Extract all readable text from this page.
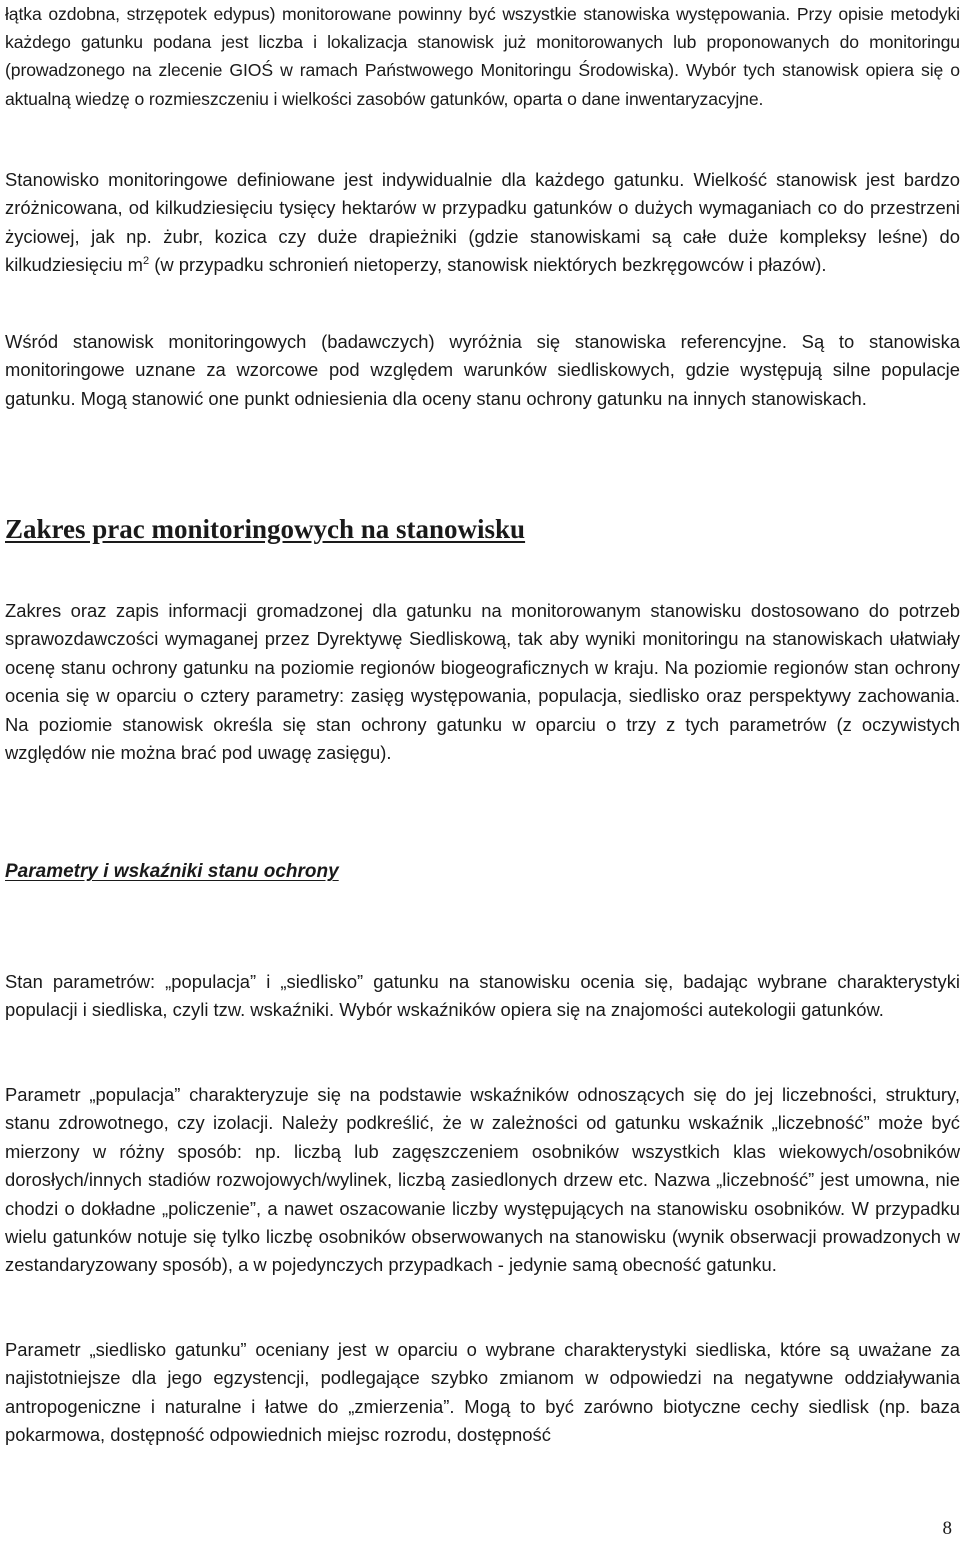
łątka ozdobna, strzępotek edypus) monitorowane powinny być wszystkie stanowiska występowania. Przy opisie metodyki każdego gatunku podana jest liczba i lokalizacja stanowisk już monitorowanych lub proponowanych do monitoringu (prowadzonego na zlecenie GIOŚ w ramach Państwowego Monitoringu Środowiska). Wybór tych stanowisk opiera się o aktualną wiedzę o rozmieszczeniu i wielkości zasobów gatunków, oparta o dane inwentaryzacyjne.

Stanowisko monitoringowe definiowane jest indywidualnie dla każdego gatunku. Wielkość stanowisk jest bardzo zróżnicowana, od kilkudziesięciu tysięcy hektarów w przypadku gatunków o dużych wymaganiach co do przestrzeni życiowej, jak np. żubr, kozica czy duże drapieżniki (gdzie stanowiskami są całe duże kompleksy leśne) do kilkudziesięciu $m^2$ (w przypadku schronień nietoperzy, stanowisk niektórych bezkręgowców i płazów).

Wśród stanowisk monitoringowych (badawczych) wyróżnia się stanowiska referencyjne. Są to stanowiska monitoringowe uznane za wzorcowe pod względem warunków siedliskowych, gdzie występują silne populacje gatunku. Mogą stanowić one punkt odniesienia dla oceny stanu ochrony gatunku na innych stanowiskach.

Zakres prac monitoringowych na stanowisku

Zakres oraz zapis informacji gromadzonej dla gatunku na monitorowanym stanowisku dostosowano do potrzeb sprawozdawczości wymaganej przez Dyrektywę Siedliskową, tak aby wyniki monitoringu na stanowiskach ułatwiały ocenę stanu ochrony gatunku na poziomie regionów biogeograficznych w kraju. Na poziomie regionów stan ochrony ocenia się w oparciu o cztery parametry: zasięg występowania, populacja, siedlisko oraz perspektywy zachowania. Na poziomie stanowisk określa się stan ochrony gatunku w oparciu o trzy z tych parametrów (z oczywistych względów nie można brać pod uwagę zasięgu).

Parametry i wskaźniki stanu ochrony

Stan parametrów: „populacja” i „siedlisko” gatunku na stanowisku ocenia się, badając wybrane charakterystyki populacji i siedliska, czyli tzw. wskaźniki. Wybór wskaźników opiera się na znajomości autekologii gatunków.

Parametr „populacja” charakteryzuje się na podstawie wskaźników odnoszących się do jej liczebności, struktury, stanu zdrowotnego, czy izolacji. Należy podkreślić, że w zależności od gatunku wskaźnik „liczebność” może być mierzony w różny sposób: np. liczbą lub zagęszczeniem osobników wszystkich klas wiekowych/osobników dorosłych/innych stadiów rozwojowych/wylinek, liczbą zasiedlonych drzew etc. Nazwa „liczebność” jest umowna, nie chodzi o dokładne „policzenie”, a nawet oszacowanie liczby występujących na stanowisku osobników. W przypadku wielu gatunków notuje się tylko liczbę osobników obserwowanych na stanowisku (wynik obserwacji prowadzonych w zestandaryzowany sposób), a w pojedynczych przypadkach - jedynie samą obecność gatunku.

Parametr „siedlisko gatunku” oceniany jest w oparciu o wybrane charakterystyki siedliska, które są uważane za najistotniejsze dla jego egzystencji, podlegające szybko zmianom w odpowiedzi na negatywne oddziaływania antropogeniczne i naturalne i łatwe do „zmierzenia”. Mogą to być zarówno biotyczne cechy siedlisk (np. baza pokarmowa, dostępność odpowiednich miejsc rozrodu, dostępność

8
